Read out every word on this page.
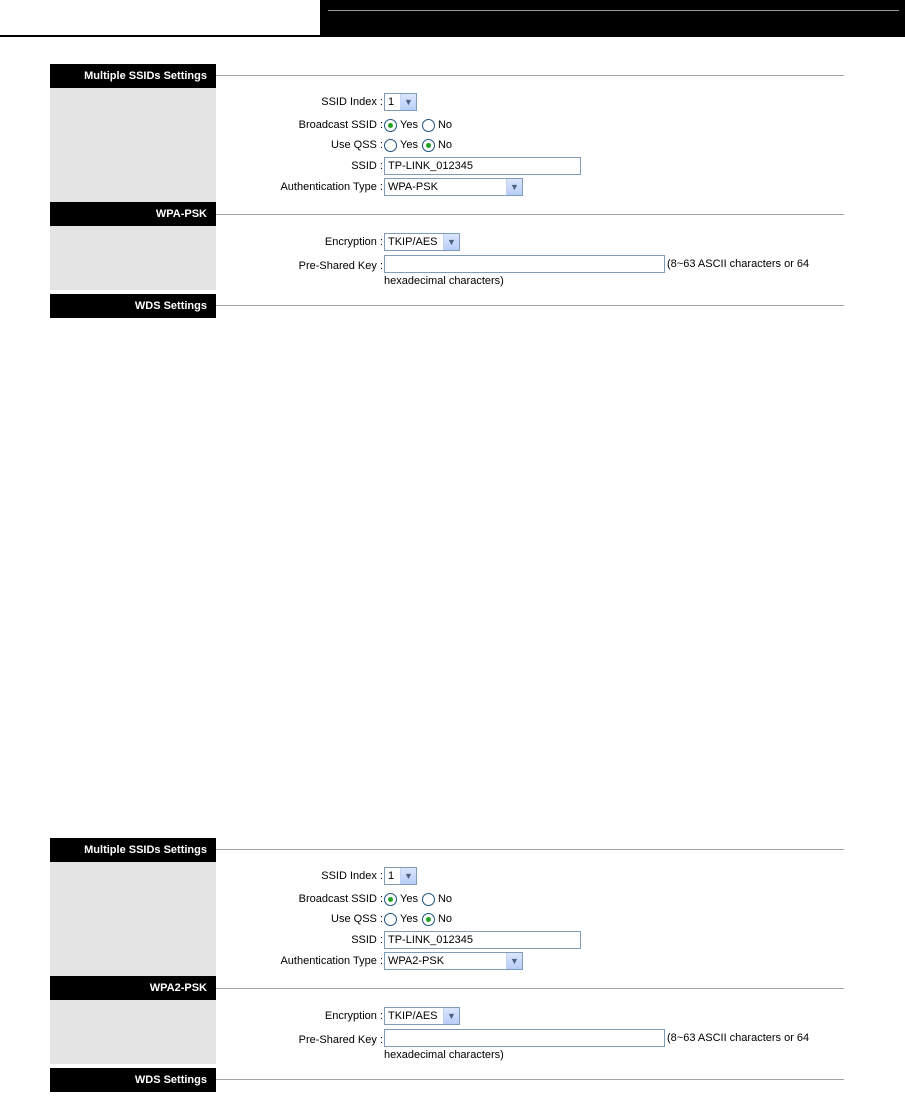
Multiple SSIDs Settings
SSID Index : 1	▼
Broadcast SSID : Yes No
Use QSS : Yes No
SSID : TP-LINK_012345
Authentication Type : WPA-PSK	▼
WPA-PSK
Encryption : TKIP/AES	▼
Pre-Shared Key :	(8~63 ASCII characters or 64
hexadecimal characters)
WDS Settings
Multiple SSIDs Settings
SSID Index : 1	▼
Broadcast SSID : Yes No
Use QSS : Yes No
SSID : TP-LINK_012345
Authentication Type : WPA2-PSK	▼
WPA2-PSK
Encryption : TKIP/AES	▼
Pre-Shared Key :	(8~63 ASCII characters or 64
hexadecimal characters)
WDS Settings
